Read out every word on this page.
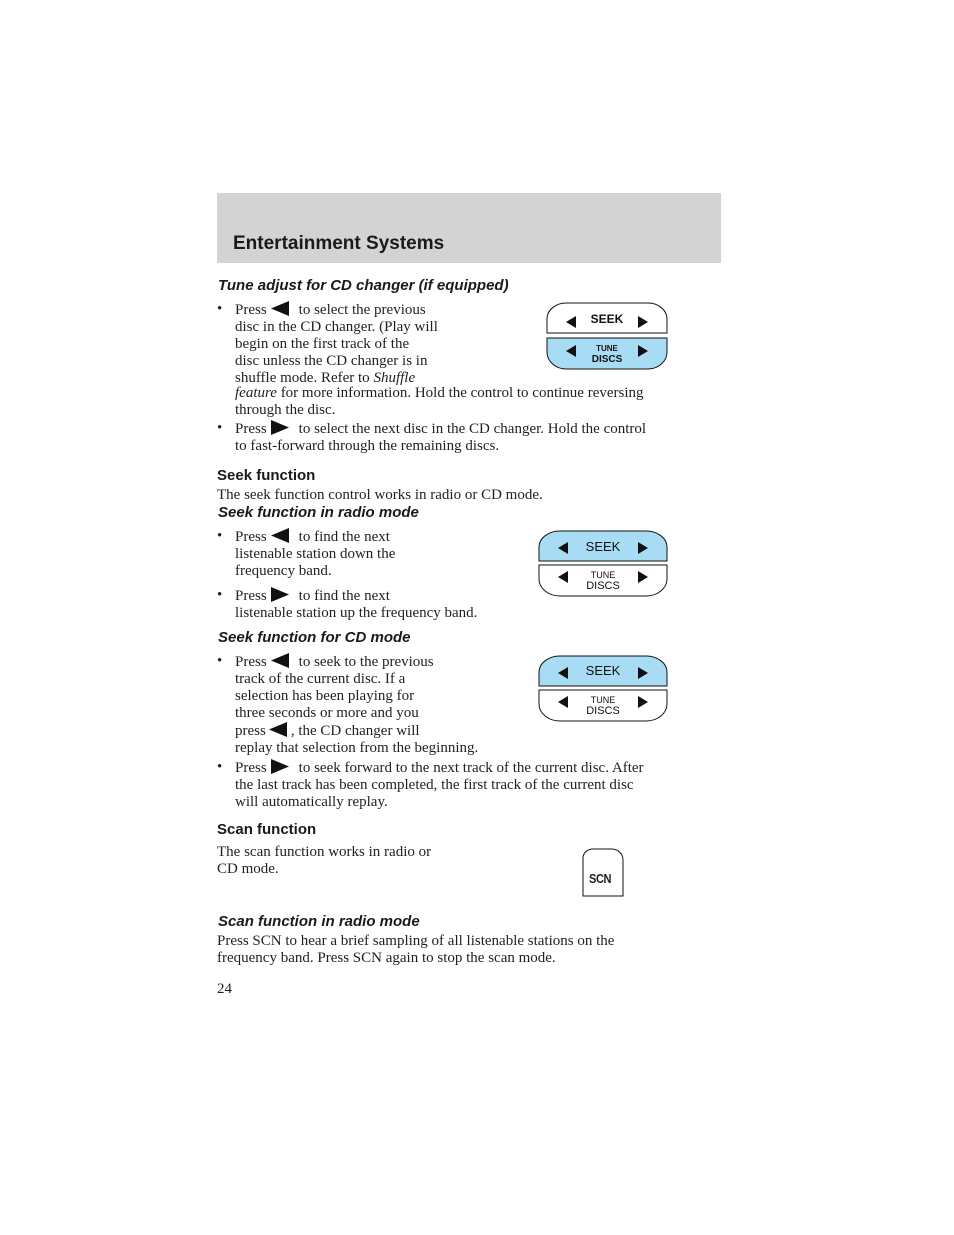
Entertainment Systems
Tune adjust for CD changer (if equipped)
• Press to select the previous
disc in the CD changer. (Play will
begin on the first track of the
disc unless the CD changer is in
shuffle mode. Refer to Shuffle
feature for more information. Hold the control to continue reversing
through the disc.
• Press to select the next disc in the CD changer. Hold the control
to fast-forward through the remaining discs.
SEEK
TUNE
DISCS
Seek function

The seek function control works in radio or CD mode.

Seek function in radio mode
• Press to find the next
listenable station down the
frequency band.
• Press to find the next
listenable station up the frequency band.
SEEK
TUNE
DISCS
Seek function for CD mode
• Press to seek to the previous
track of the current disc. If a
selection has been playing for
three seconds or more and you
press , the CD changer will
replay that selection from the beginning.
• Press to seek forward to the next track of the current disc. After
the last track has been completed, the first track of the current disc
will automatically replay.
SEEK
TUNE
DISCS
Scan function

The scan function works in radio or
CD mode.

SCN
Scan function in radio mode

Press SCN to hear a brief sampling of all listenable stations on the
frequency band. Press SCN again to stop the scan mode.

24
